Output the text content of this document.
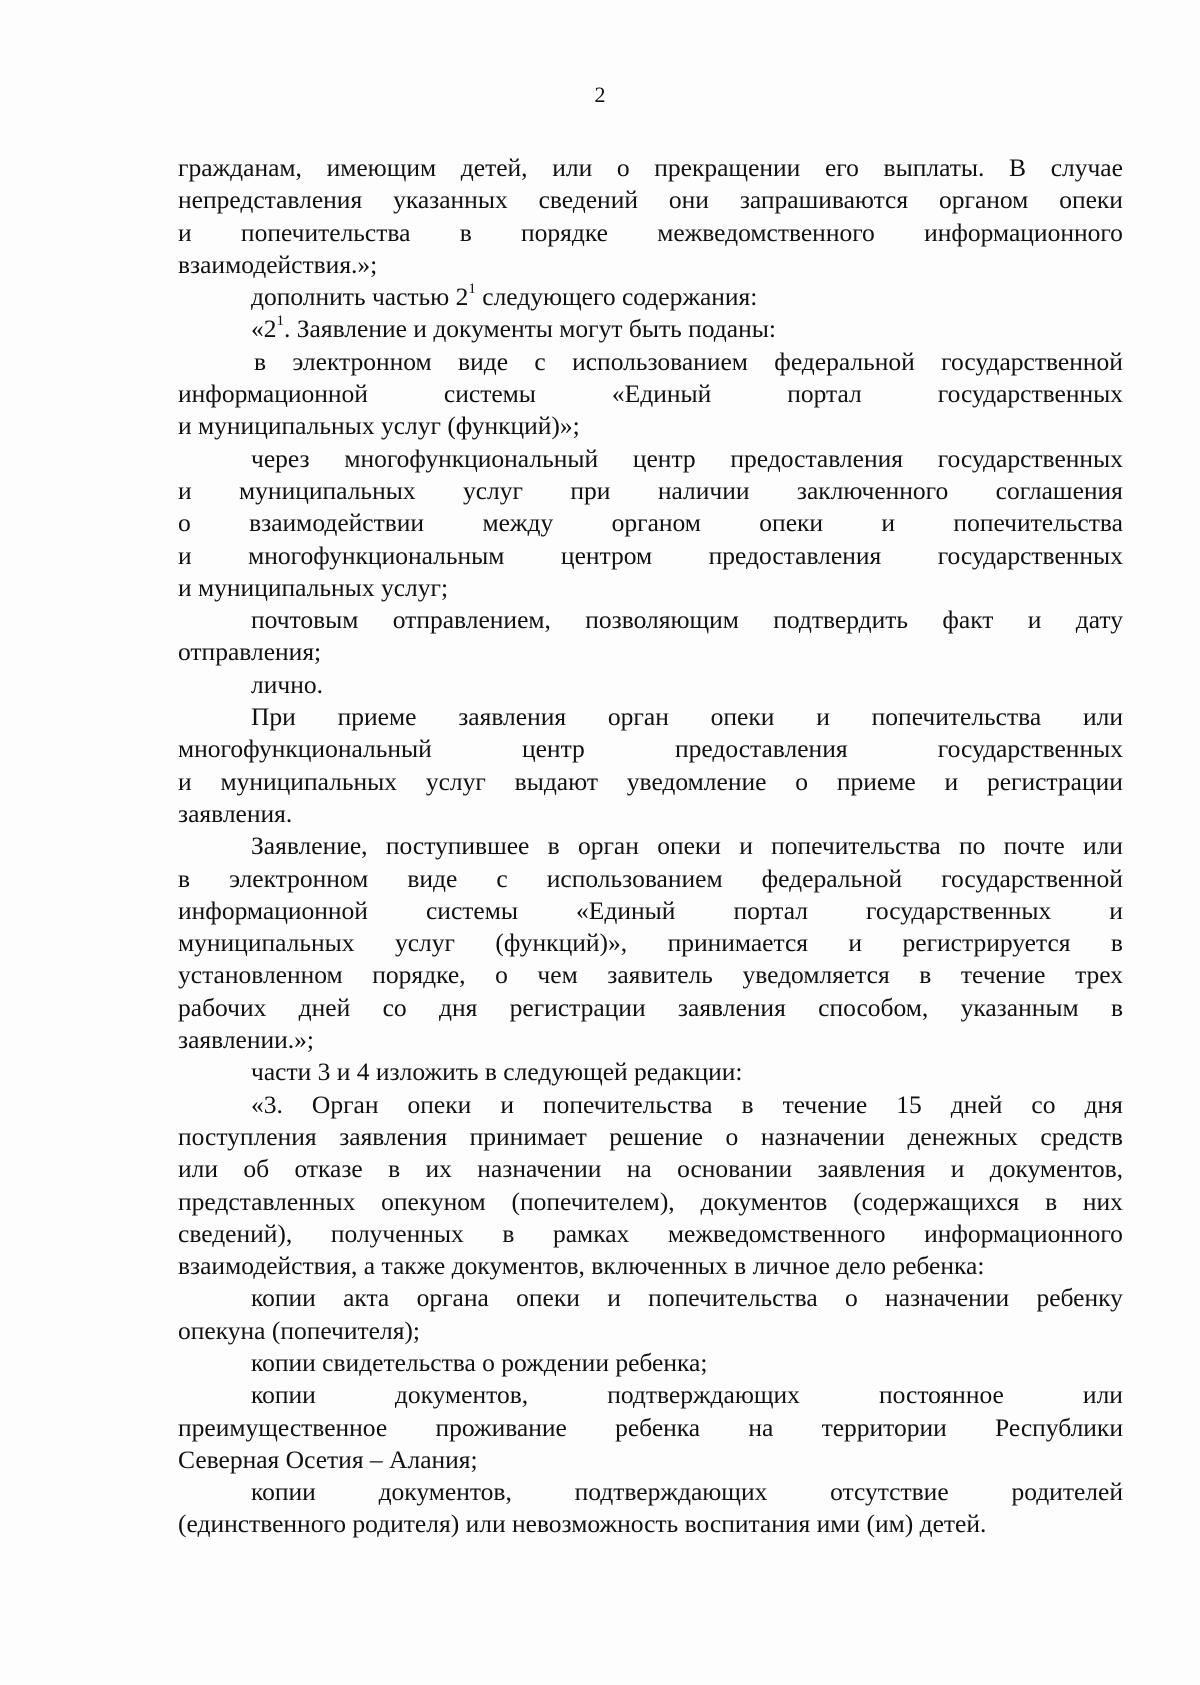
2
гражданам, имеющим детей, или о прекращении его выплаты. В случае
непредставления указанных сведений они запрашиваются органом опеки
и попечительства в порядке межведомственного информационного
взаимодействия.»;
дополнить частью $2^1$ следующего содержания:
«$2^1$. Заявление и документы могут быть поданы:
в электронном виде с использованием федеральной государственной
информационной	системы	«Единый	портал	государственных
и муниципальных услуг (функций)»;
через многофункциональный центр предоставления государственных
и муниципальных услуг при наличии заключенного соглашения
о взаимодействии между органом опеки и попечительства
и многофункциональным центром предоставления государственных
и муниципальных услуг;
почтовым отправлением, позволяющим подтвердить факт и дату
отправления;
лично.
При приеме заявления орган опеки и попечительства или
многофункциональный	центр	предоставления	государственных
и муниципальных услуг выдают уведомление о приеме и регистрации
заявления.
Заявление, поступившее в орган опеки и попечительства по почте или
в электронном виде с использованием федеральной государственной
информационной системы «Единый портал государственных и
муниципальных услуг (функций)», принимается и регистрируется в
установленном порядке, о чем заявитель уведомляется в течение трех
рабочих дней со дня регистрации заявления способом, указанным в
заявлении.»;
части 3 и 4 изложить в следующей редакции:
«3. Орган опеки и попечительства в течение 15 дней со дня
поступления заявления принимает решение о назначении денежных средств
или об отказе в их назначении на основании заявления и документов,
представленных опекуном (попечителем), документов (содержащихся в них
сведений), полученных в рамках межведомственного информационного
взаимодействия, а также документов, включенных в личное дело ребенка:
копии акта органа опеки и попечительства о назначении ребенку
опекуна (попечителя);
копии свидетельства о рождении ребенка;
копии	документов,	подтверждающих	постоянное	или
преимущественное проживание ребенка на территории Республики
Северная Осетия – Алания;
копии документов, подтверждающих отсутствие родителей
(единственного родителя) или невозможность воспитания ими (им) детей.
